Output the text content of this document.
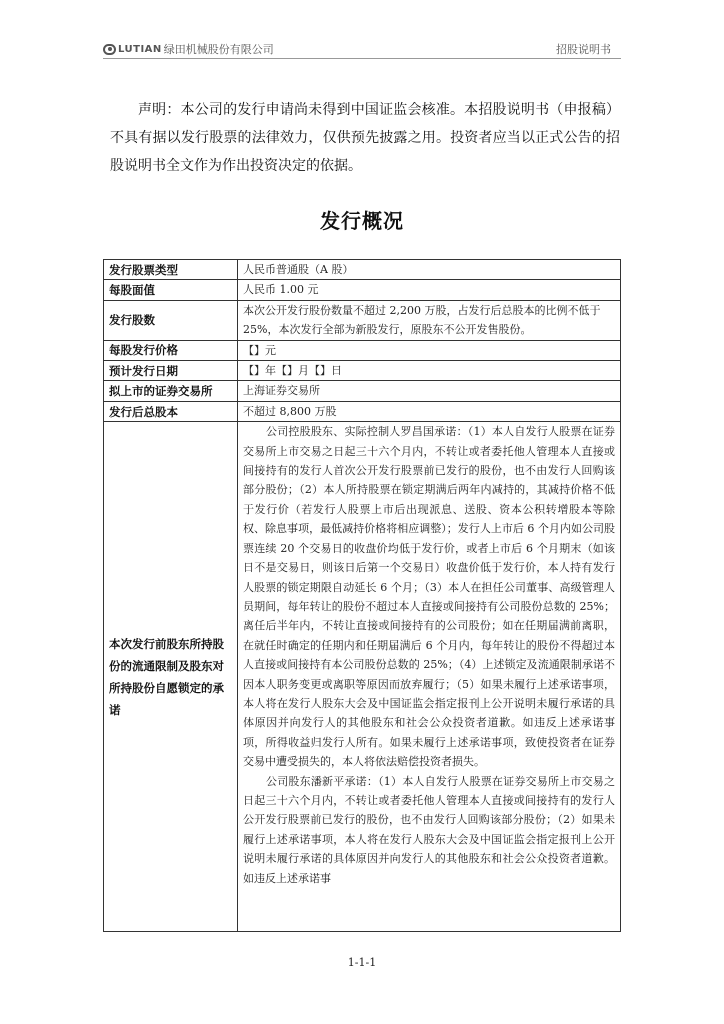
LUTIAN 绿田机械股份有限公司	招股说明书
声明：本公司的发行申请尚未得到中国证监会核准。本招股说明书（申报稿）不具有据以发行股票的法律效力，仅供预先披露之用。投资者应当以正式公告的招股说明书全文作为作出投资决定的依据。
发行概况
发行股票类型	人民币普通股（A 股）
每股面值	人民币 1.00 元
发行股数	本次公开发行股份数量不超过 2,200 万股，占发行后总股本的比例不低于 25%，本次发行全部为新股发行，原股东不公开发售股份。
每股发行价格	【】元
预计发行日期	【】年【】月【】日
拟上市的证券交易所	上海证券交易所
发行后总股本	不超过 8,800 万股
本次发行前股东所持股份的流通限制及股东对所持股份自愿锁定的承诺	公司控股股东、实际控制人罗昌国承诺：（1）本人自发行人股票在证券交易所上市交易之日起三十六个月内，不转让或者委托他人管理本人直接或间接持有的发行人首次公开发行股票前已发行的股份，也不由发行人回购该部分股份；（2）本人所持股票在锁定期满后两年内减持的，其减持价格不低于发行价（若发行人股票上市后出现派息、送股、资本公积转增股本等除权、除息事项，最低减持价格将相应调整）；发行人上市后 6 个月内如公司股票连续 20 个交易日的收盘价均低于发行价，或者上市后 6 个月期末（如该日不是交易日，则该日后第一个交易日）收盘价低于发行价，本人持有发行人股票的锁定期限自动延长 6 个月；（3）本人在担任公司董事、高级管理人员期间，每年转让的股份不超过本人直接或间接持有公司股份总数的 25%；离任后半年内，不转让直接或间接持有的公司股份；如在任期届满前离职，在就任时确定的任期内和任期届满后 6 个月内，每年转让的股份不得超过本人直接或间接持有本公司股份总数的 25%；（4）上述锁定及流通限制承诺不因本人职务变更或离职等原因而放弃履行；（5）如果未履行上述承诺事项，本人将在发行人股东大会及中国证监会指定报刊上公开说明未履行承诺的具体原因并向发行人的其他股东和社会公众投资者道歉。如违反上述承诺事项，所得收益归发行人所有。如果未履行上述承诺事项，致使投资者在证券交易中遭受损失的，本人将依法赔偿投资者损失。
公司股东潘新平承诺：（1）本人自发行人股票在证券交易所上市交易之日起三十六个月内，不转让或者委托他人管理本人直接或间接持有的发行人公开发行股票前已发行的股份，也不由发行人回购该部分股份；（2）如果未履行上述承诺事项，本人将在发行人股东大会及中国证监会指定报刊上公开说明未履行承诺的具体原因并向发行人的其他股东和社会公众投资者道歉。如违反上述承诺事
1-1-1
